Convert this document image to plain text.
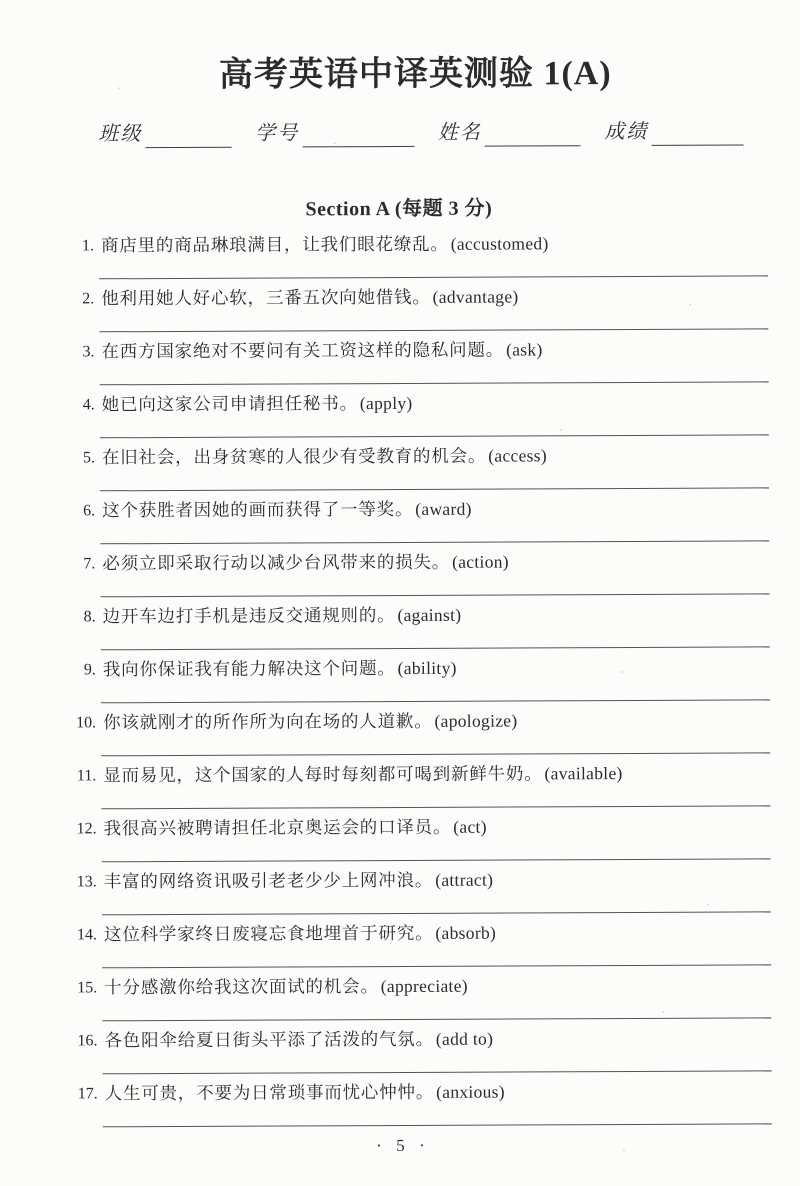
高考英语中译英测验 1(A)
班级	学号	姓名	成绩
Section A (每题 3 分)
1. 商店里的商品琳琅满目，让我们眼花缭乱。 (accustomed)
2. 他利用她人好心软，三番五次向她借钱。 (advantage)
3. 在西方国家绝对不要问有关工资这样的隐私问题。 (ask)
4. 她已向这家公司申请担任秘书。 (apply)
5. 在旧社会，出身贫寒的人很少有受教育的机会。 (access)
6. 这个获胜者因她的画而获得了一等奖。 (award)
7. 必须立即采取行动以减少台风带来的损失。 (action)
8. 边开车边打手机是违反交通规则的。 (against)
9. 我向你保证我有能力解决这个问题。 (ability)
10. 你该就刚才的所作所为向在场的人道歉。 (apologize)
11. 显而易见，这个国家的人每时每刻都可喝到新鲜牛奶。 (available)
12. 我很高兴被聘请担任北京奥运会的口译员。 (act)
13. 丰富的网络资讯吸引老老少少上网冲浪。 (attract)
14. 这位科学家终日废寝忘食地埋首于研究。 (absorb)
15. 十分感激你给我这次面试的机会。 (appreciate)
16. 各色阳伞给夏日街头平添了活泼的气氛。 (add to)
17. 人生可贵，不要为日常琐事而忧心忡忡。 (anxious)
· 5 ·
